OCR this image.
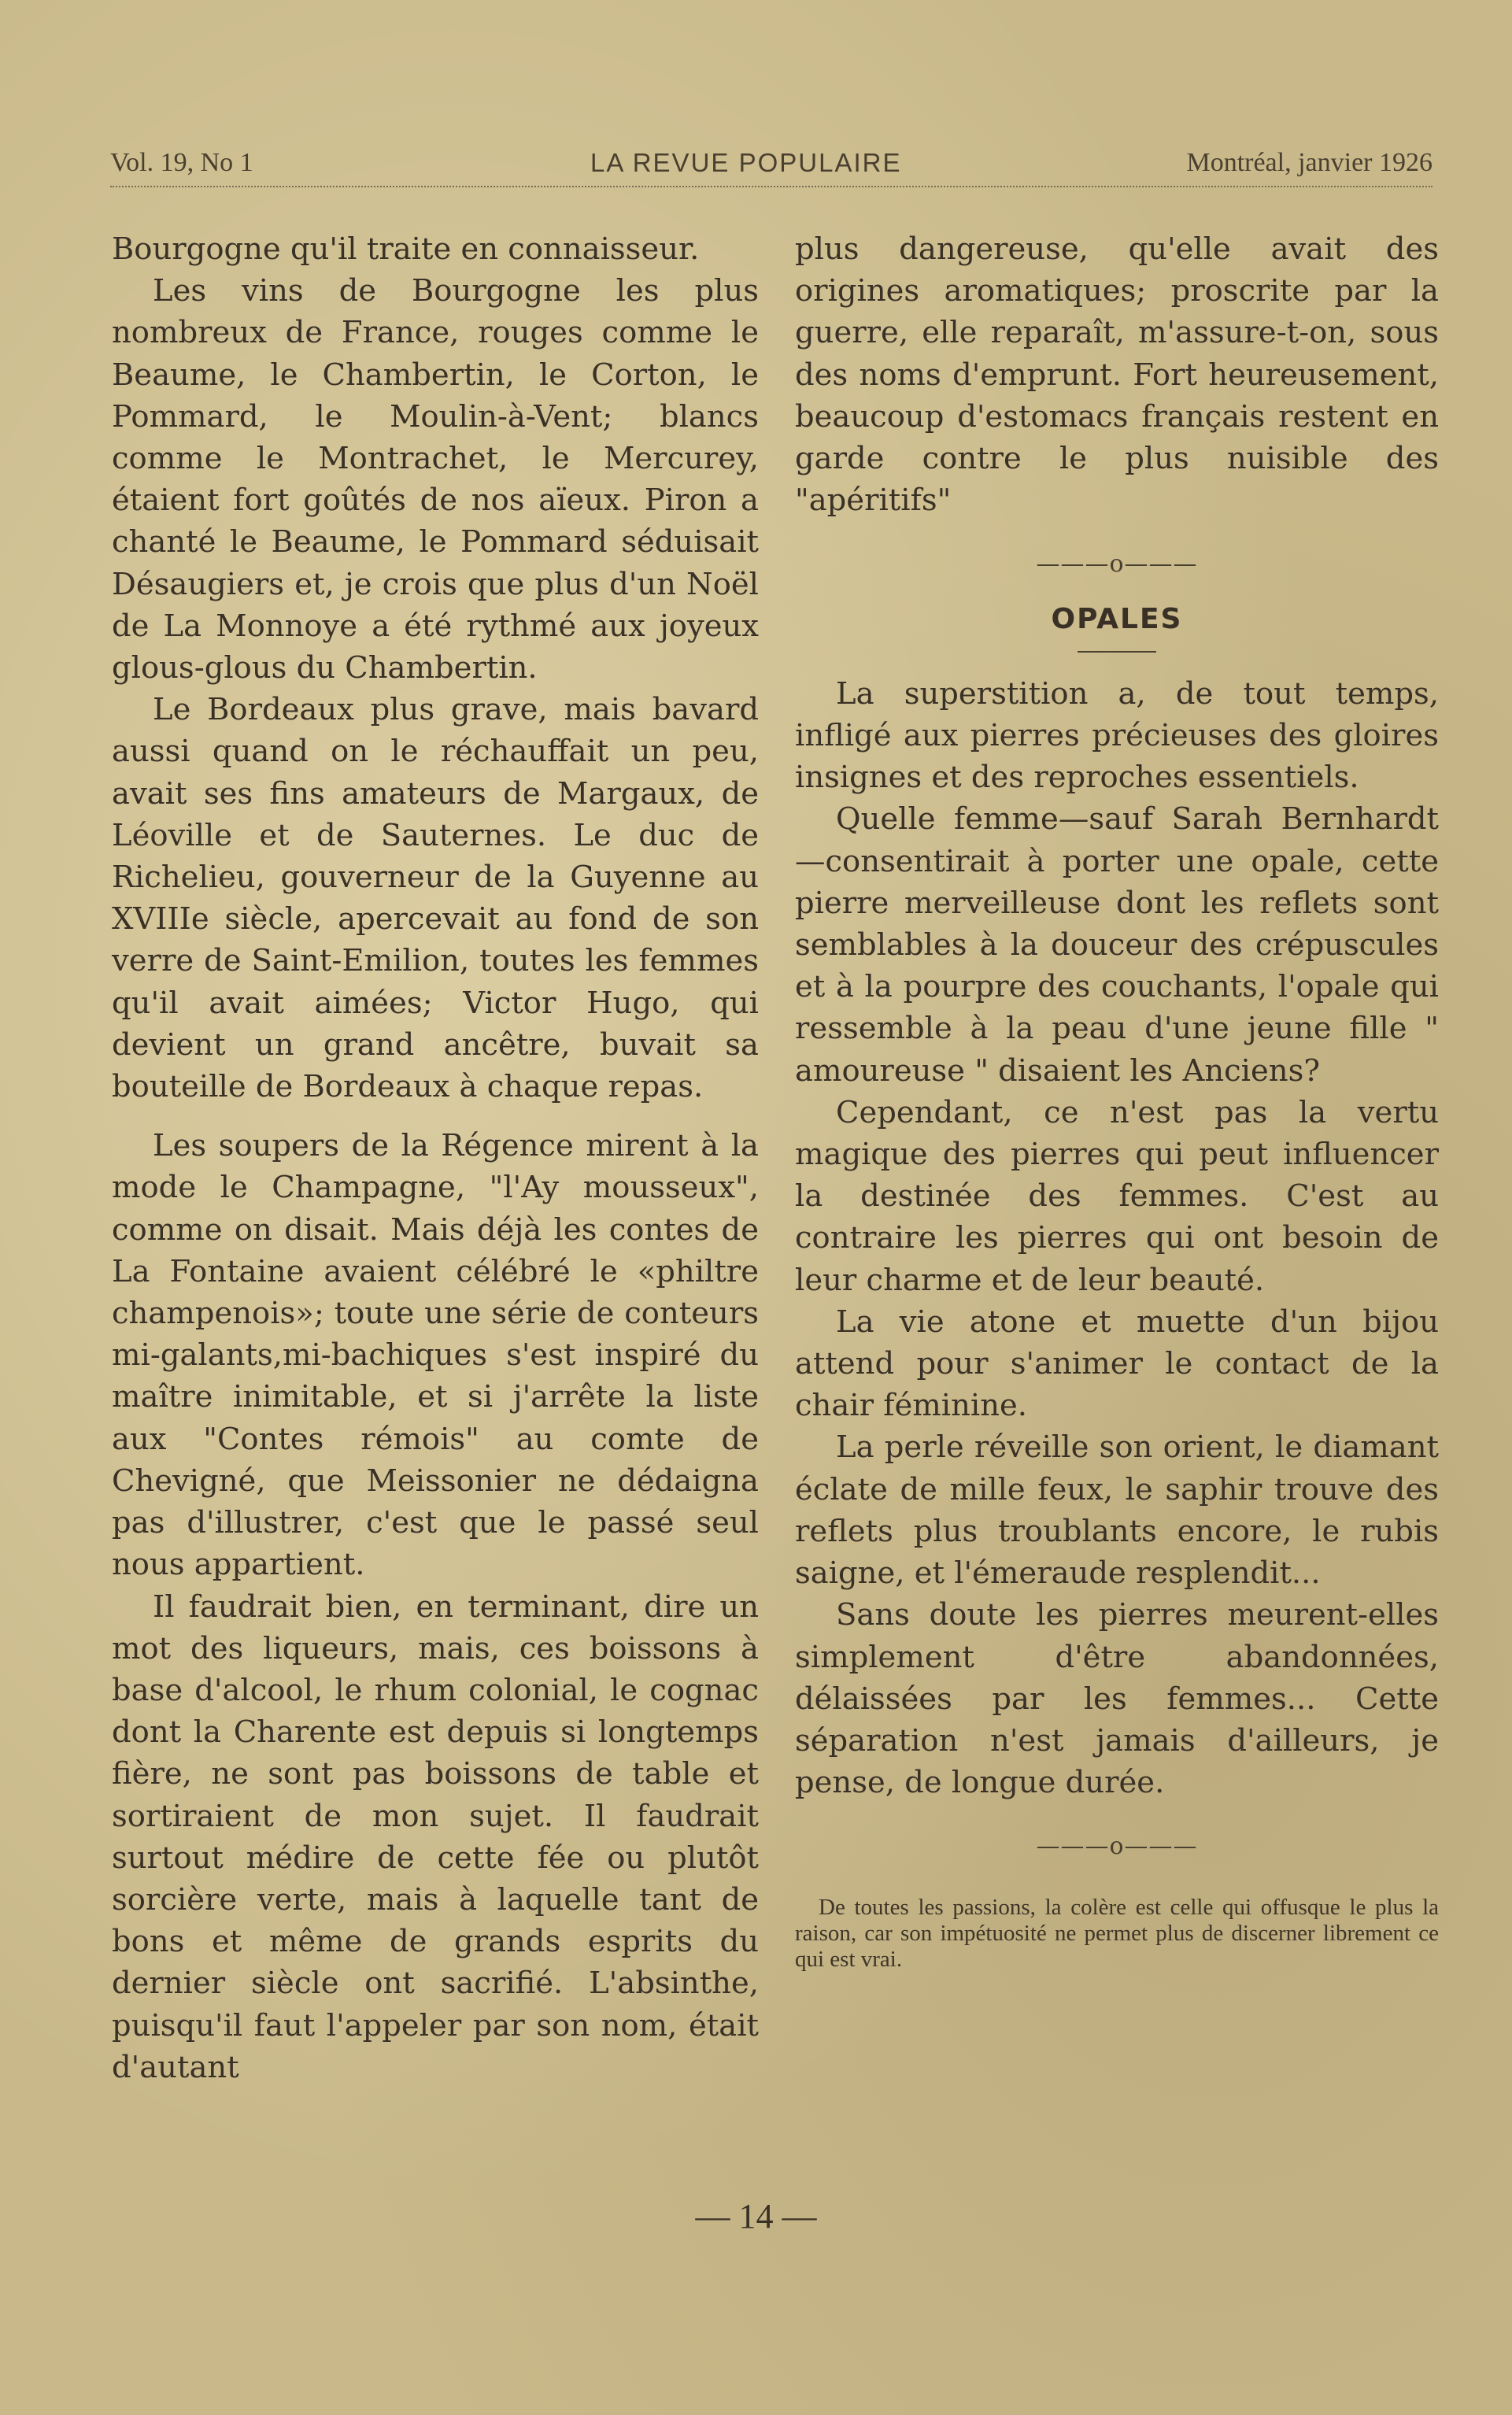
Vol. 19, No 1	LA REVUE POPULAIRE	Montréal, janvier 1926

Bourgogne qu'il traite en connaisseur.

Les vins de Bourgogne les plus nombreux de France, rouges comme le Beaume, le Chambertin, le Corton, le Pommard, le Moulin-à-Vent; blancs comme le Montrachet, le Mercurey, étaient fort goûtés de nos aïeux. Piron a chanté le Beaume, le Pommard séduisait Désaugiers et, je crois que plus d'un Noël de La Monnoye a été rythmé aux joyeux glous-glous du Chambertin.

Le Bordeaux plus grave, mais bavard aussi quand on le réchauffait un peu, avait ses fins amateurs de Margaux, de Léoville et de Sauternes. Le duc de Richelieu, gouverneur de la Guyenne au XVIIIe siècle, apercevait au fond de son verre de Saint-Emilion, toutes les femmes qu'il avait aimées; Victor Hugo, qui devient un grand ancêtre, buvait sa bouteille de Bordeaux à chaque repas.

Les soupers de la Régence mirent à la mode le Champagne, "l'Ay mousseux", comme on disait. Mais déjà les contes de La Fontaine avaient célébré le «philtre champenois»; toute une série de conteurs mi-galants,mi-bachiques s'est inspiré du maître inimitable, et si j'arrête la liste aux "Contes rémois" au comte de Chevigné, que Meissonier ne dédaigna pas d'illustrer, c'est que le passé seul nous appartient.

Il faudrait bien, en terminant, dire un mot des liqueurs, mais, ces boissons à base d'alcool, le rhum colonial, le cognac dont la Charente est depuis si longtemps fière, ne sont pas boissons de table et sortiraient de mon sujet. Il faudrait surtout médire de cette fée ou plutôt sorcière verte, mais à laquelle tant de bons et même de grands esprits du dernier siècle ont sacrifié. L'absinthe, puisqu'il faut l'appeler par son nom, était d'autant

plus dangereuse, qu'elle avait des origines aromatiques; proscrite par la guerre, elle reparaît, m'assure-t-on, sous des noms d'emprunt. Fort heureusement, beaucoup d'estomacs français restent en garde contre le plus nuisible des "apéritifs"

———o———
OPALES

La superstition a, de tout temps, infligé aux pierres précieuses des gloires insignes et des reproches essentiels.

Quelle femme—sauf Sarah Bernhardt—consentirait à porter une opale, cette pierre merveilleuse dont les reflets sont semblables à la douceur des crépuscules et à la pourpre des couchants, l'opale qui ressemble à la peau d'une jeune fille " amoureuse " disaient les Anciens?

Cependant, ce n'est pas la vertu magique des pierres qui peut influencer la destinée des femmes. C'est au contraire les pierres qui ont besoin de leur charme et de leur beauté.

La vie atone et muette d'un bijou attend pour s'animer le contact de la chair féminine.

La perle réveille son orient, le diamant éclate de mille feux, le saphir trouve des reflets plus troublants encore, le rubis saigne, et l'émeraude resplendit...

Sans doute les pierres meurent-elles simplement d'être abandonnées, délaissées par les femmes... Cette séparation n'est jamais d'ailleurs, je pense, de longue durée.

———o———
De toutes les passions, la colère est celle qui offusque le plus la raison, car son impétuosité ne permet plus de discerner librement ce qui est vrai.
— 14 —
